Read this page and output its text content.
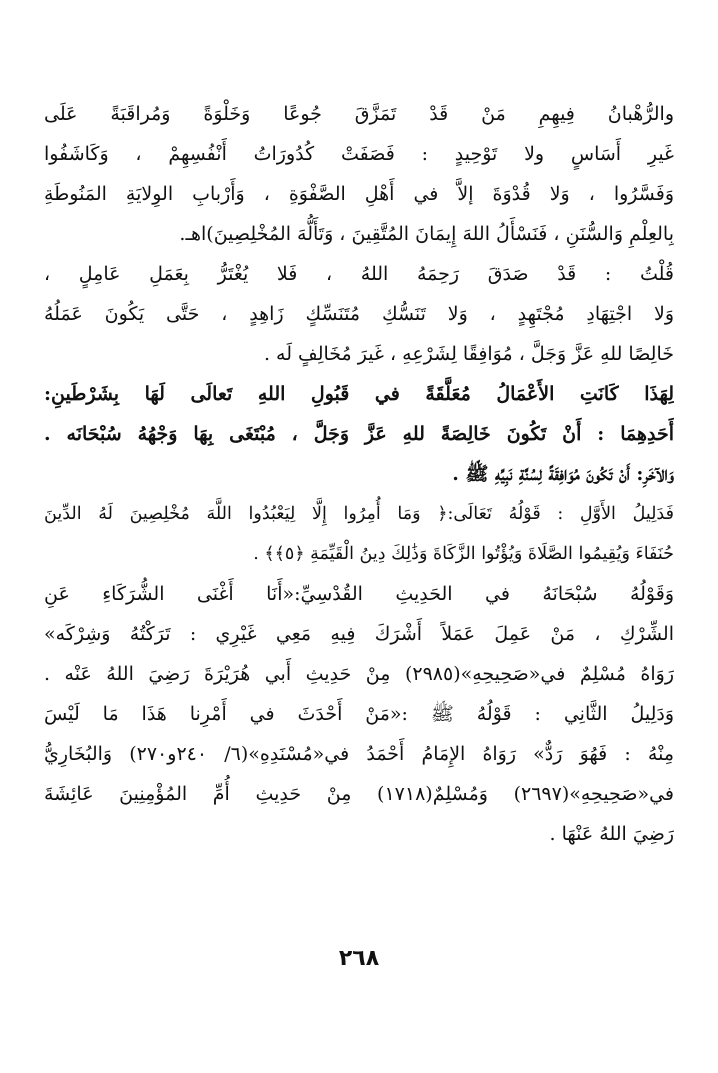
والرُّهْبانُ فِيهِمِ مَنْ قَدْ تَمَزَّقَ جُوعًا وَخَلْوَةً وَمُراقَبَةً عَلَى
غَيرِ أَسَاسٍ ولا تَوْحِيدٍ : فَصَفَتْ كُدُورَاتُ أَنْفُسِهِمْ ، وَكَاشَفُوا
وَفَسَّرُوا ، وَلا قُدْوَةَ إلاَّ في أَهْلِ الصَّفْوَةِ ، وَأَرْبابِ الوِلايَةِ المَنُوطَةِ
بِالعِلْمِ وَالسُّنَنِ ، فَنَسْأَلُ اللهَ إِيمَانَ المُتَّقِينَ ، وَتَأَلُّهَ المُخْلِصِينَ)اهـ.
قُلْتُ : قَدْ صَدَقَ رَحِمَهُ اللهُ ، فَلا يُغْتَرُّ بِعَمَلِ عَامِلٍ ،
وَلا اجْتِهَادِ مُجْتَهِدٍ ، وَلا تَنَسُّكِ مُتَنَسِّكٍ زَاهِدٍ ، حَتَّى يَكُونَ عَمَلُهُ
خَالِصًا للهِ عَزَّ وَجَلَّ ، مُوَافِقًا لِشَرْعِهِ ، غَيرَ مُخَالِفٍ لَه .
لِهَذَا كَانَتِ الأَعْمَالُ مُعَلَّقَةً في قَبُولِ اللهِ تَعالَى لَهَا بِشَرْطَينِ:
أَحَدِهِمَا : أَنْ تَكُونَ خَالِصَةً للهِ عَزَّ وَجَلَّ ، مُبْتَغَى بِهَا وَجْهُهُ سُبْحَانَه .
وَالآخَرِ: أَنْ تَكُونَ مُوَافِقَةً لِسُنَّةِ نَبِيِّهِ ﷺ .
فَدَلِيلُ الأَوَّلِ : قَوْلُهُ تَعَالَى:﴿ وَمَا أُمِرُوا إِلَّا لِيَعْبُدُوا اللَّهَ مُخْلِصِينَ لَهُ الدِّينَ
حُنَفَاءَ وَيُقِيمُوا الصَّلَاةَ وَيُؤْتُوا الزَّكَاةَ وَذَٰلِكَ دِينُ الْقَيِّمَةِ ﴿٥﴾﴾ .
وَقَوْلُهُ سُبْحَانَهُ في الحَدِيثِ القُدْسِيِّ:«أَنَا أَغْنَى الشُّرَكَاءِ عَنِ
الشِّرْكِ ، مَنْ عَمِلَ عَمَلاً أَشْرَكَ فِيهِ مَعِي غَيْرِي : تَرَكْتُهُ وَشِرْكَه»
رَوَاهُ مُسْلِمٌ في«صَحِيحِهِ»(٢٩٨٥) مِنْ حَدِيثِ أَبي هُرَيْرَةَ رَضِيَ اللهُ عَنْه .
وَدَلِيلُ الثَّانِي : قَوْلُهُ ﷺ :«مَنْ أَحْدَثَ في أَمْرِنا هَذَا مَا لَيْسَ
مِنْهُ : فَهُوَ رَدٌّ» رَوَاهُ الإِمَامُ أَحْمَدُ في«مُسْنَدِهِ»(٦/ ٢٤٠و٢٧٠) وَالبُخَارِيُّ
في«صَحِيحِهِ»(٢٦٩٧) وَمُسْلِمٌ(١٧١٨) مِنْ حَدِيثِ أُمِّ المُؤْمِنِينَ عَائِشَةَ
رَضِيَ اللهُ عَنْهَا .
٢٦٨
